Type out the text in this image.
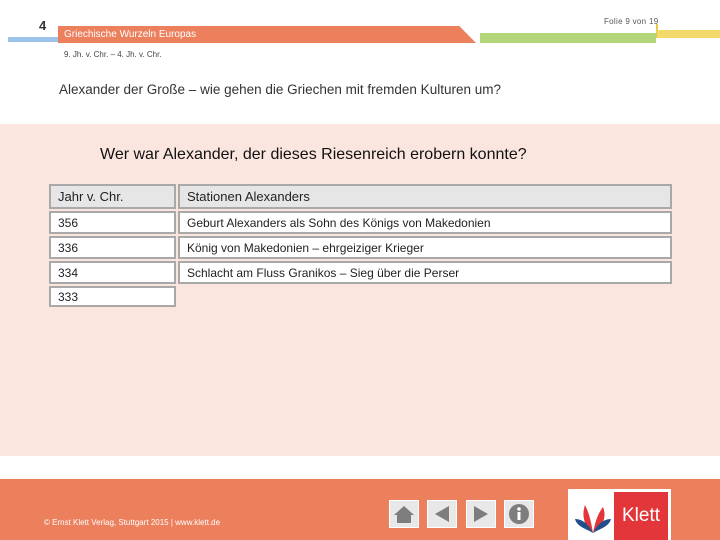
4
Griechische Wurzeln Europas
Folie 9 von 19
9. Jh. v. Chr. – 4. Jh. v. Chr.
Alexander der Große – wie gehen die Griechen mit fremden Kulturen um?
Wer war Alexander, der dieses Riesenreich erobern konnte?
Jahr v. Chr.	Stationen Alexanders
356	Geburt Alexanders als Sohn des Königs von Makedonien
336	König von Makedonien – ehrgeiziger Krieger
334	Schlacht am Fluss Granikos – Sieg über die Perser
333
© Ernst Klett Verlag, Stuttgart 2015 | www.klett.de	Klett
